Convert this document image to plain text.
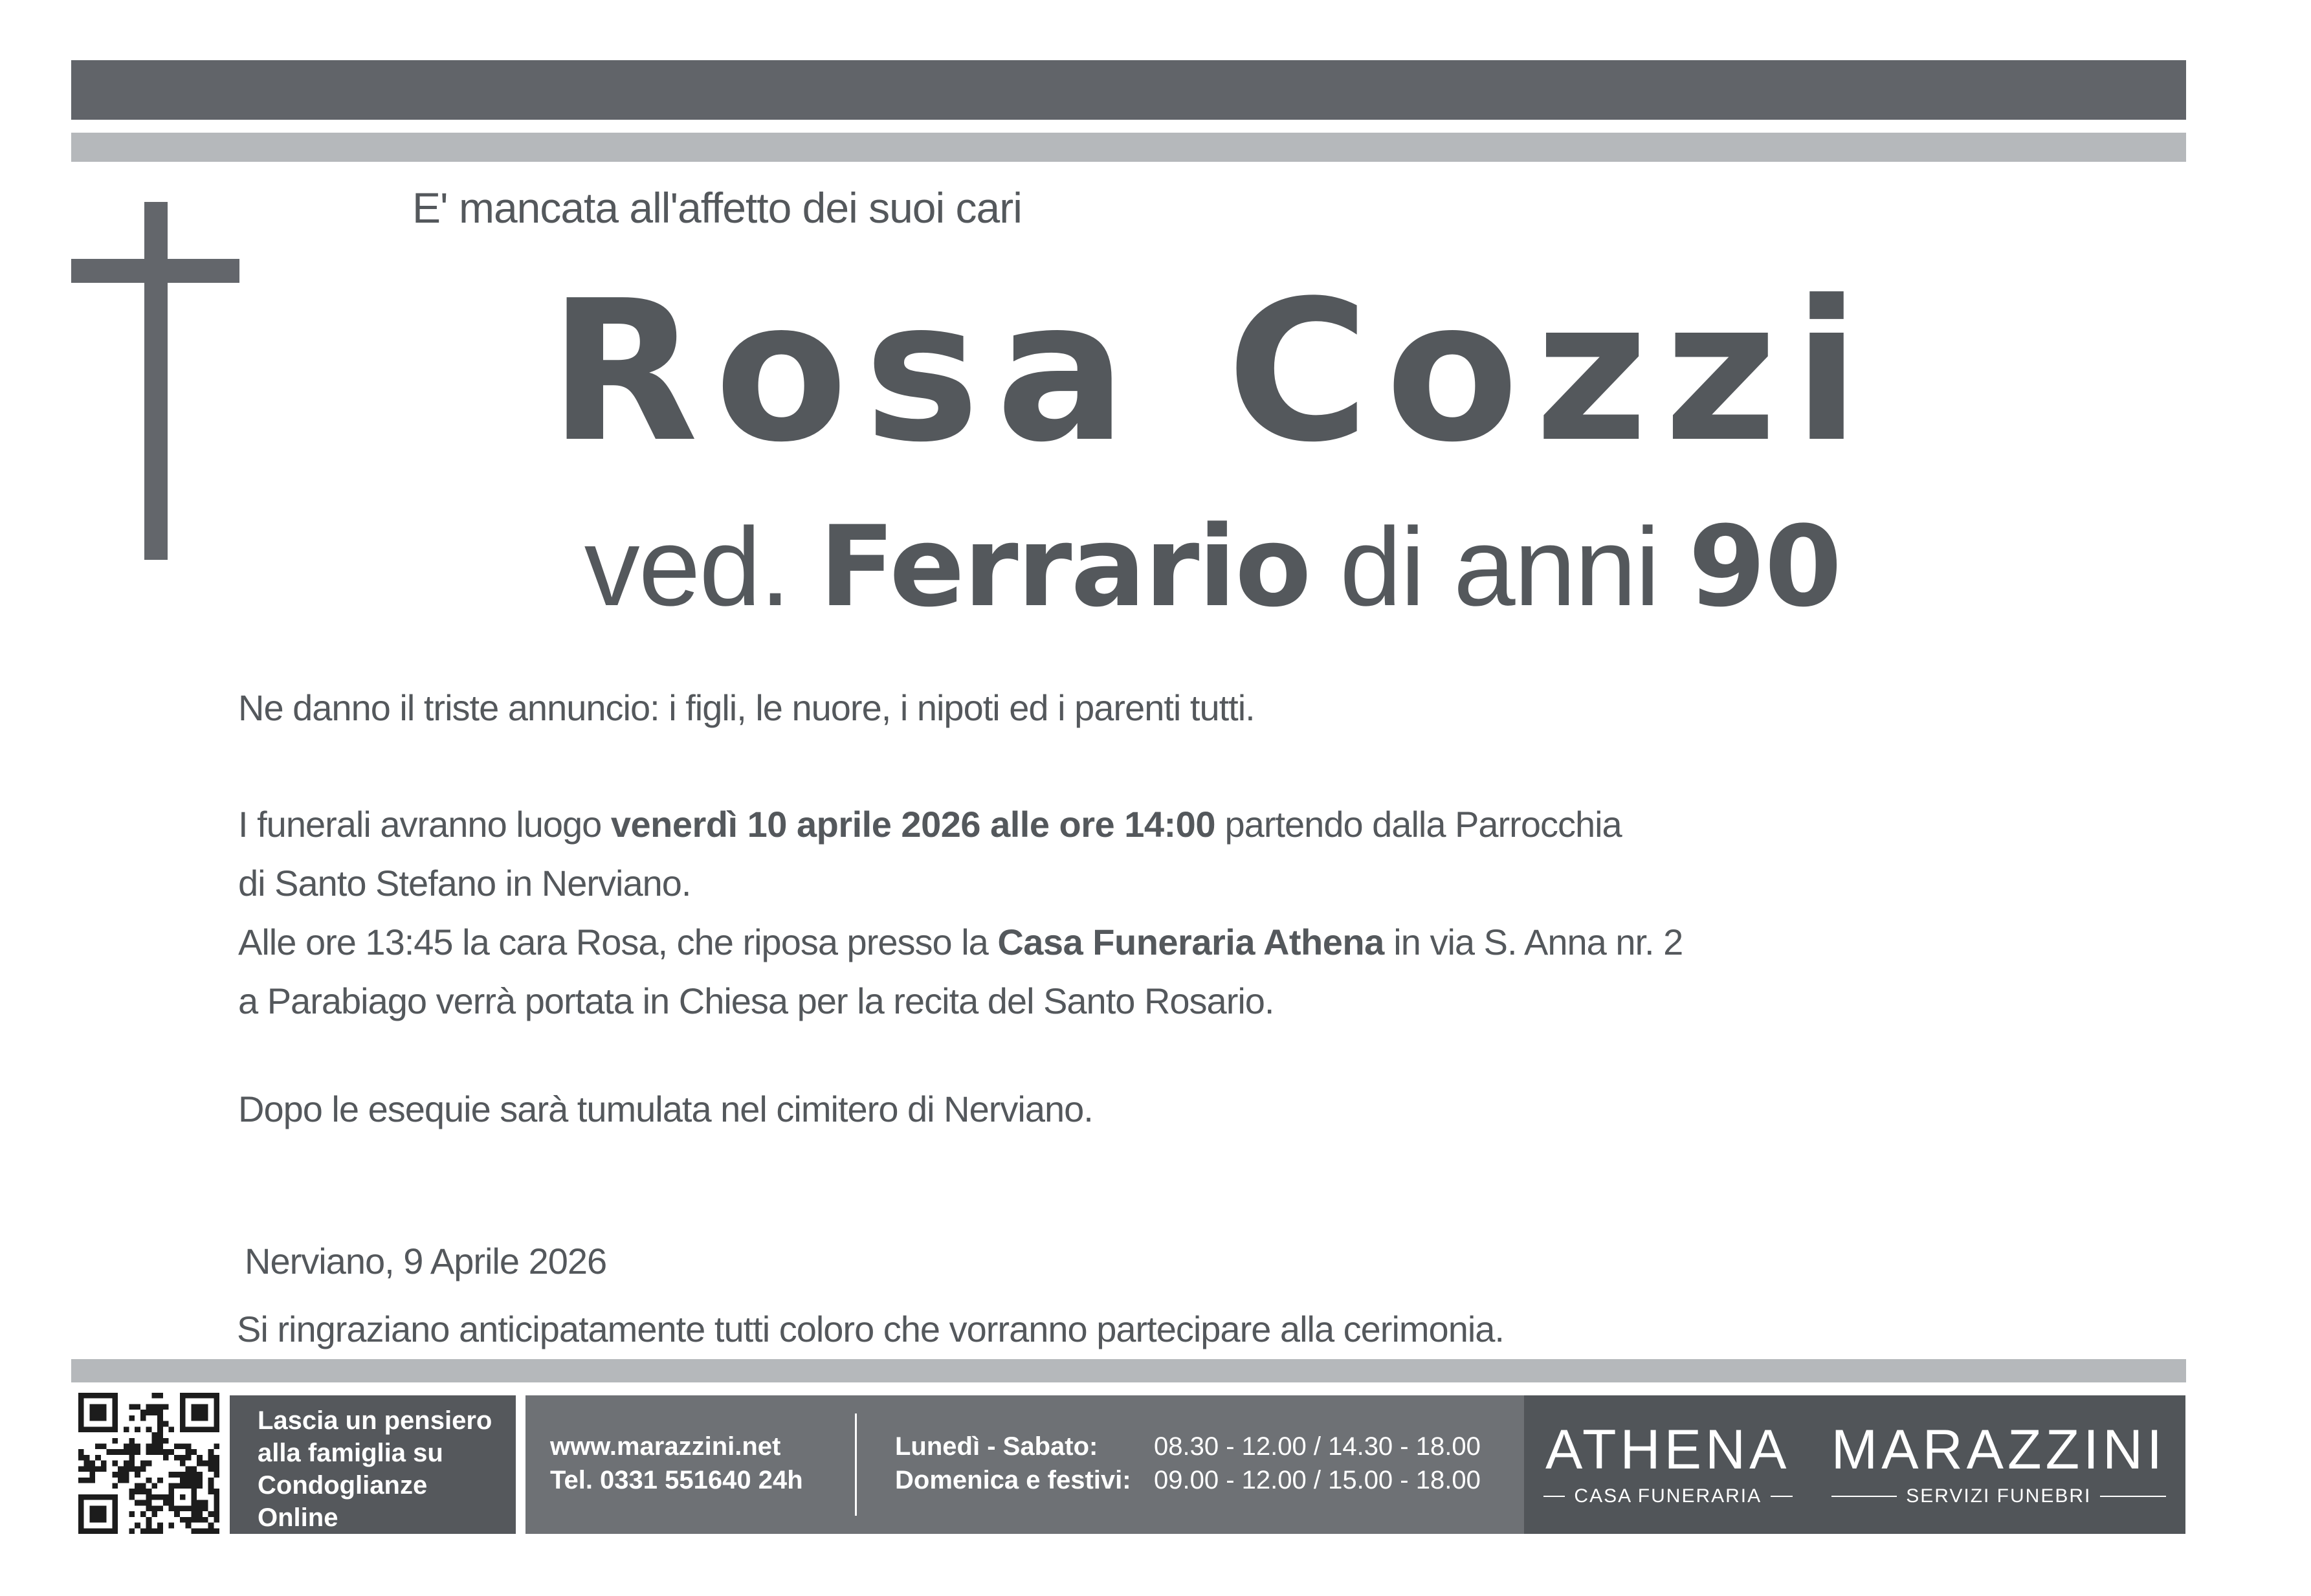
E' mancata all'affetto dei suoi cari
Rosa Cozzi
ved. Ferrario di anni 90
Ne danno il triste annuncio: i figli, le nuore, i nipoti ed i parenti tutti.
I funerali avranno luogo venerdì 10 aprile 2026 alle ore 14:00 partendo dalla Parrocchia
di Santo Stefano in Nerviano.
Alle ore 13:45 la cara Rosa, che riposa presso la Casa Funeraria Athena in via S. Anna nr. 2
a Parabiago verrà portata in Chiesa per la recita del Santo Rosario.
Dopo le esequie sarà tumulata nel cimitero di Nerviano.
Nerviano, 9 Aprile 2026
Si ringraziano anticipatamente tutti coloro che vorranno partecipare alla cerimonia.
Lascia un pensiero
alla famiglia su
Condoglianze
Online
www.marazzini.net
Tel. 0331 551640 24h
Lunedì - Sabato:	08.30 - 12.00 / 14.30 - 18.00
Domenica e festivi: 09.00 - 12.00 / 15.00 - 18.00 ATHENA
CASA FUNERARIA
MARAZZINI
SERVIZI FUNEBRI
